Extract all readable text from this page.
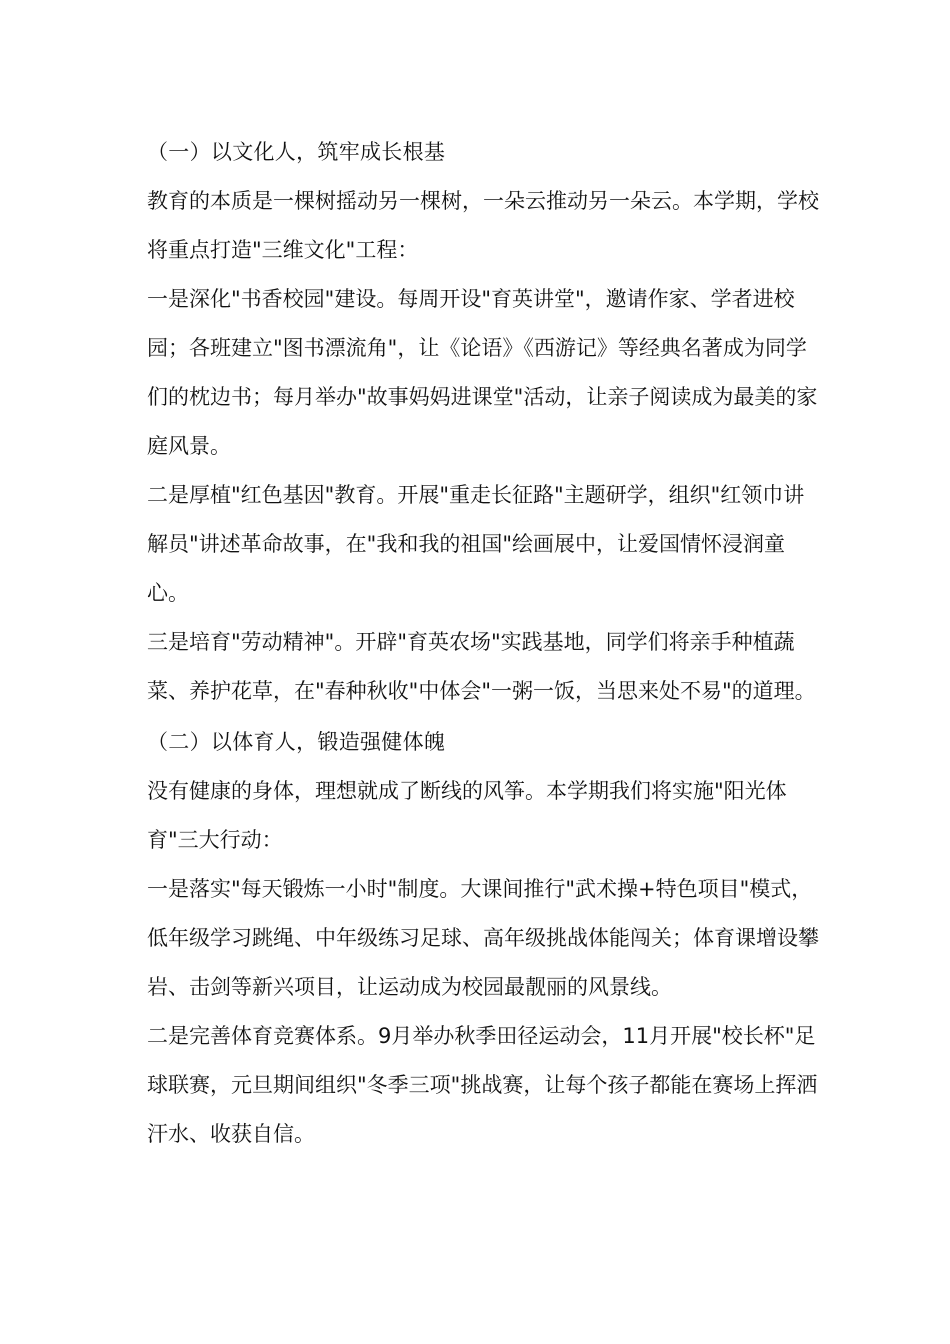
（一）以文化人，筑牢成长根基

教育的本质是一棵树摇动另一棵树，一朵云推动另一朵云。本学期，学校将重点打造"三维文化"工程：

一是深化"书香校园"建设。每周开设"育英讲堂"，邀请作家、学者进校园；各班建立"图书漂流角"，让《论语》《西游记》等经典名著成为同学们的枕边书；每月举办"故事妈妈进课堂"活动，让亲子阅读成为最美的家庭风景。

二是厚植"红色基因"教育。开展"重走长征路"主题研学，组织"红领巾讲解员"讲述革命故事，在"我和我的祖国"绘画展中，让爱国情怀浸润童心。

三是培育"劳动精神"。开辟"育英农场"实践基地，同学们将亲手种植蔬菜、养护花草，在"春种秋收"中体会"一粥一饭，当思来处不易"的道理。

（二）以体育人，锻造强健体魄

没有健康的身体，理想就成了断线的风筝。本学期我们将实施"阳光体育"三大行动：

一是落实"每天锻炼一小时"制度。大课间推行"武术操+特色项目"模式，低年级学习跳绳、中年级练习足球、高年级挑战体能闯关；体育课增设攀岩、击剑等新兴项目，让运动成为校园最靓丽的风景线。

二是完善体育竞赛体系。9月举办秋季田径运动会，11月开展"校长杯"足球联赛，元旦期间组织"冬季三项"挑战赛，让每个孩子都能在赛场上挥洒汗水、收获自信。
